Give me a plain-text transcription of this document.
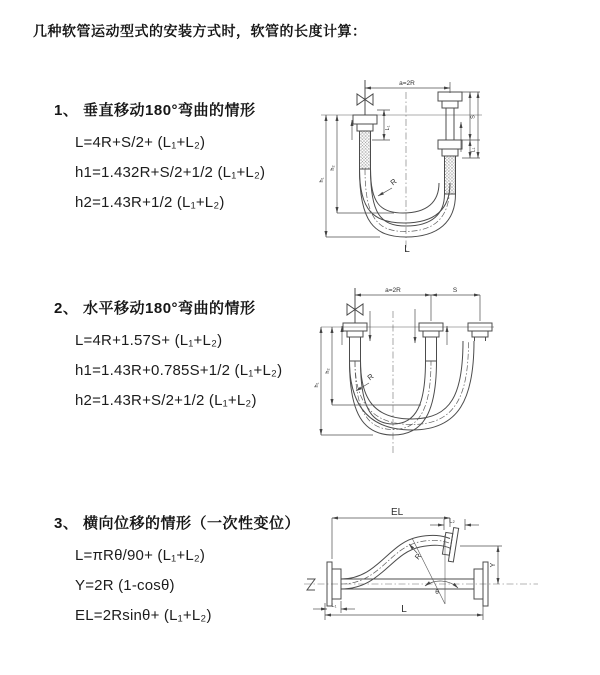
几种软管运动型式的安装方式时，软管的长度计算：
1、 垂直移动180°弯曲的情形
L=4R+S/2+ (L₁+L₂)
h1=1.432R+S/2+1/2 (L₁+L₂)
h2=1.43R+1/2 (L₁+L₂)
2、 水平移动180°弯曲的情形
L=4R+1.57S+ (L₁+L₂)
h1=1.43R+0.785S+1/2 (L₁+L₂)
h2=1.43R+S/2+1/2 (L₁+L₂)
3、 横向位移的情形（一次性变位）
L=πRθ/90+ (L₁+L₂)
Y=2R (1-cosθ)
EL=2Rsinθ+ (L₁+L₂)
a=2R
L₁
h₁
h₂
S
L₁
R
L
a=2R	S
h₁
h₂
R
EL
L₂
Y
L
L₁
θ
R
